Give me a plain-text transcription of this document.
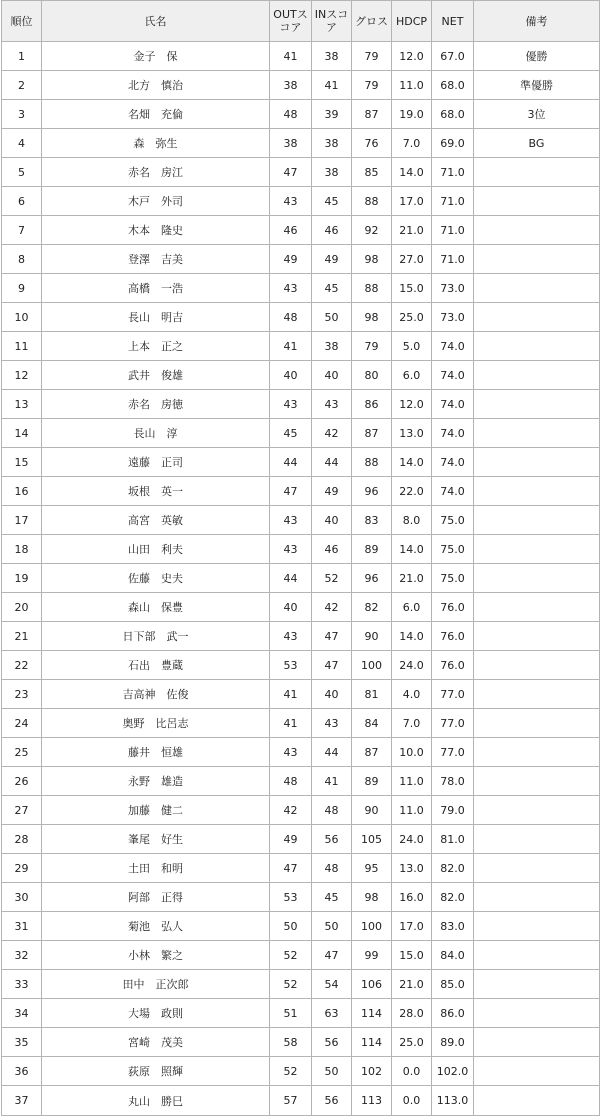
順位	氏名	OUTスコア	INスコア	グロス	HDCP	NET	備考
1	金子　保	41	38	79	12.0	67.0	優勝
2	北方　慎治	38	41	79	11.0	68.0	準優勝
3	名畑　充倫	48	39	87	19.0	68.0	3位
4	森　弥生	38	38	76	7.0	69.0	BG
5	赤名　房江	47	38	85	14.0	71.0	
6	木戸　外司	43	45	88	17.0	71.0	
7	木本　隆史	46	46	92	21.0	71.0	
8	登澤　吉美	49	49	98	27.0	71.0	
9	高橋　一浩	43	45	88	15.0	73.0	
10	長山　明吉	48	50	98	25.0	73.0	
11	上本　正之	41	38	79	5.0	74.0	
12	武井　俊雄	40	40	80	6.0	74.0	
13	赤名　房徳	43	43	86	12.0	74.0	
14	長山　淳	45	42	87	13.0	74.0	
15	遠藤　正司	44	44	88	14.0	74.0	
16	坂根　英一	47	49	96	22.0	74.0	
17	高宮　英敏	43	40	83	8.0	75.0	
18	山田　利夫	43	46	89	14.0	75.0	
19	佐藤　史夫	44	52	96	21.0	75.0	
20	森山　保豊	40	42	82	6.0	76.0	
21	日下部　武一	43	47	90	14.0	76.0	
22	石出　豊蔵	53	47	100	24.0	76.0	
23	吉高神　佐俊	41	40	81	4.0	77.0	
24	奥野　比呂志	41	43	84	7.0	77.0	
25	藤井　恒雄	43	44	87	10.0	77.0	
26	永野　雄造	48	41	89	11.0	78.0	
27	加藤　健二	42	48	90	11.0	79.0	
28	峯尾　好生	49	56	105	24.0	81.0	
29	土田　和明	47	48	95	13.0	82.0	
30	阿部　正得	53	45	98	16.0	82.0	
31	菊池　弘人	50	50	100	17.0	83.0	
32	小林　繁之	52	47	99	15.0	84.0	
33	田中　正次郎	52	54	106	21.0	85.0	
34	大場　政則	51	63	114	28.0	86.0	
35	宮崎　茂美	58	56	114	25.0	89.0	
36	荻原　照輝	52	50	102	0.0	102.0	
37	丸山　勝巳	57	56	113	0.0	113.0	
